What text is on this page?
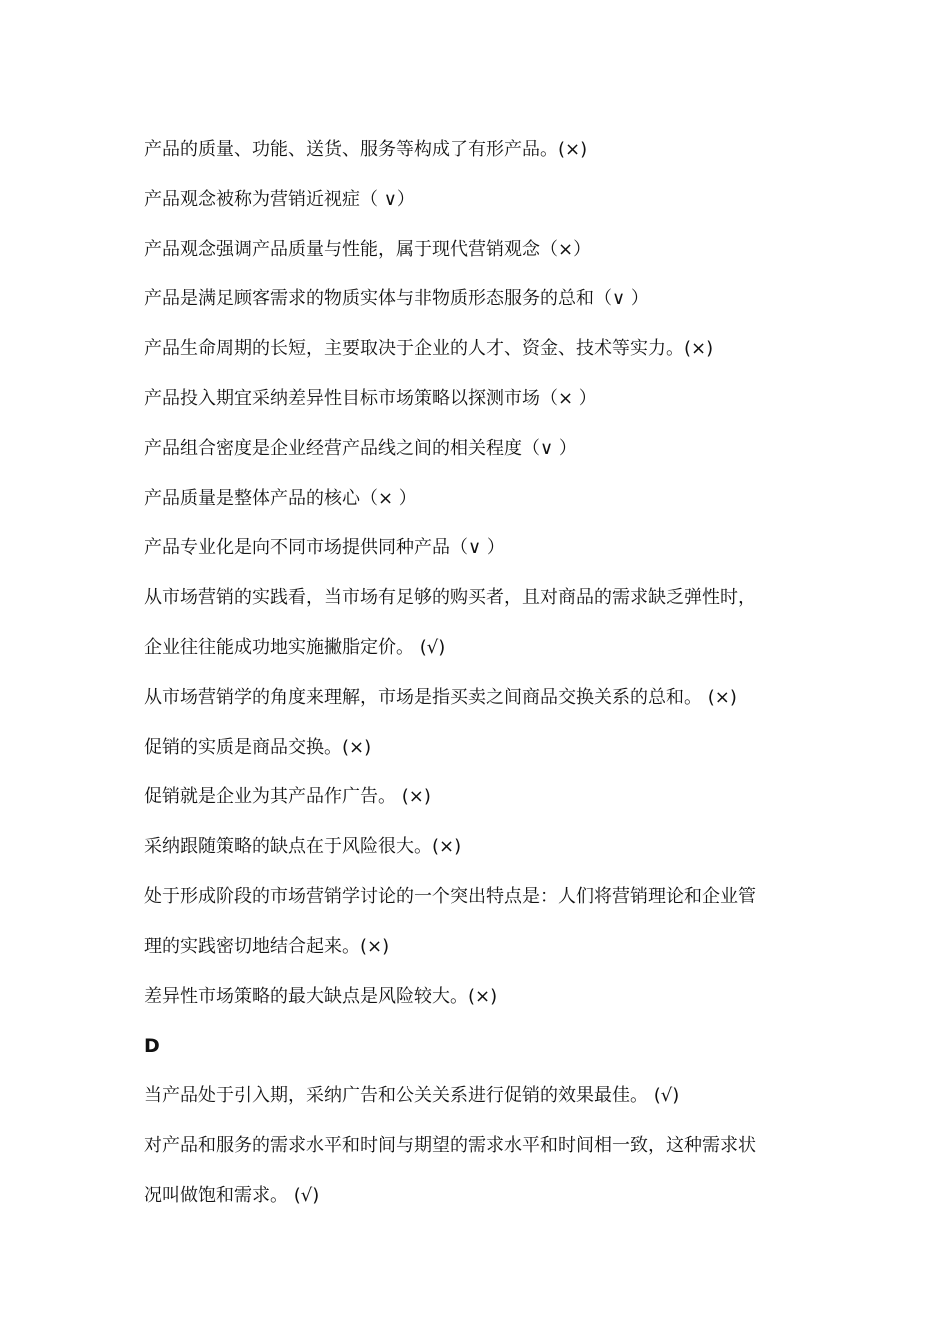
产品的质量、功能、送货、服务等构成了有形产品。(×)
产品观念被称为营销近视症（ ∨）
产品观念强调产品质量与性能，属于现代营销观念（×）
产品是满足顾客需求的物质实体与非物质形态服务的总和（∨ ）
产品生命周期的长短，主要取决于企业的人才、资金、技术等实力。(×)
产品投入期宜采纳差异性目标市场策略以探测市场（× ）
产品组合密度是企业经营产品线之间的相关程度（∨ ）
产品质量是整体产品的核心（× ）
产品专业化是向不同市场提供同种产品（∨ ）
从市场营销的实践看，当市场有足够的购买者，且对商品的需求缺乏弹性时，
企业往往能成功地实施撇脂定价。 (√)
从市场营销学的角度来理解，市场是指买卖之间商品交换关系的总和。 (×)
促销的实质是商品交换。(×)
促销就是企业为其产品作广告。 (×)
采纳跟随策略的缺点在于风险很大。(×)
处于形成阶段的市场营销学讨论的一个突出特点是：人们将营销理论和企业管
理的实践密切地结合起来。(×)
差异性市场策略的最大缺点是风险较大。(×)
D
当产品处于引入期，采纳广告和公关关系进行促销的效果最佳。 (√)
对产品和服务的需求水平和时间与期望的需求水平和时间相一致，这种需求状
况叫做饱和需求。 (√)
